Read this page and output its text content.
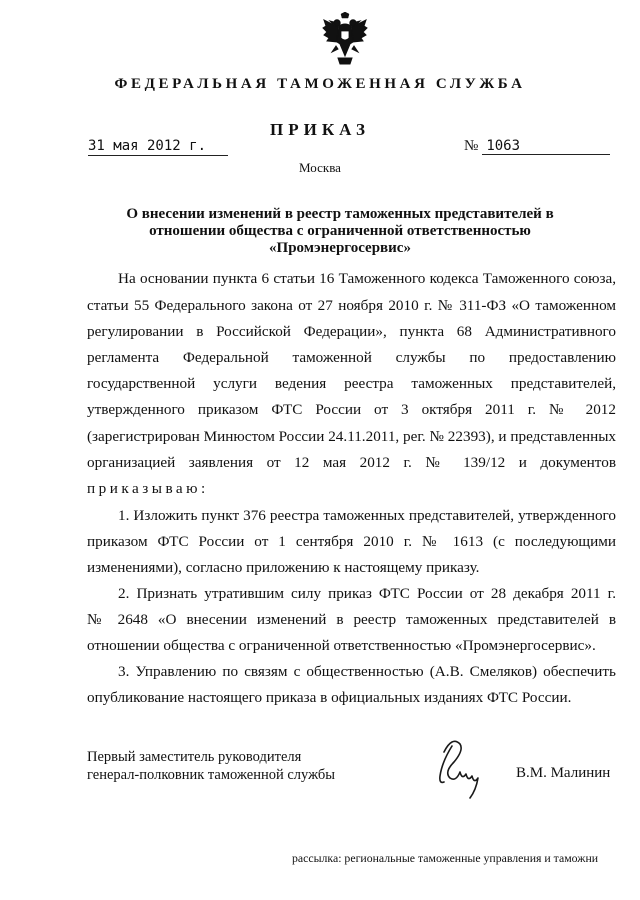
ФЕДЕРАЛЬНАЯ ТАМОЖЕННАЯ СЛУЖБА
ПРИКАЗ
31 мая 2012 г.	№ 1063
Москва
О внесении изменений в реестр таможенных представителей в
отношении общества с ограниченной ответственностью
«Промэнергосервис»
На основании пункта 6 статьи 16 Таможенного кодекса Таможенного союза,
статьи 55 Федерального закона от 27 ноября 2010 г. № 311-ФЗ «О таможенном
регулировании в Российской Федерации», пункта 68 Административного
регламента Федеральной таможенной службы по предоставлению
государственной услуги ведения реестра таможенных представителей,
утвержденного приказом ФТС России от 3 октября 2011 г. № 2012
(зарегистрирован Минюстом России 24.11.2011, рег. № 22393), и представленных
организацией заявления от 12 мая 2012 г. № 139/12 и документов
приказываю:
1. Изложить пункт 376 реестра таможенных представителей, утвержденного
приказом ФТС России от 1 сентября 2010 г. № 1613 (с последующими
изменениями), согласно приложению к настоящему приказу.
2. Признать утратившим силу приказ ФТС России от 28 декабря 2011 г.
№ 2648 «О внесении изменений в реестр таможенных представителей в
отношении общества с ограниченной ответственностью «Промэнергосервис».
3. Управлению по связям с общественностью (А.В. Смеляков) обеспечить
опубликование настоящего приказа в официальных изданиях ФТС России.
Первый заместитель руководителя
генерал-полковник таможенной службы	В.М. Малинин
рассылка: региональные таможенные управления и таможни
